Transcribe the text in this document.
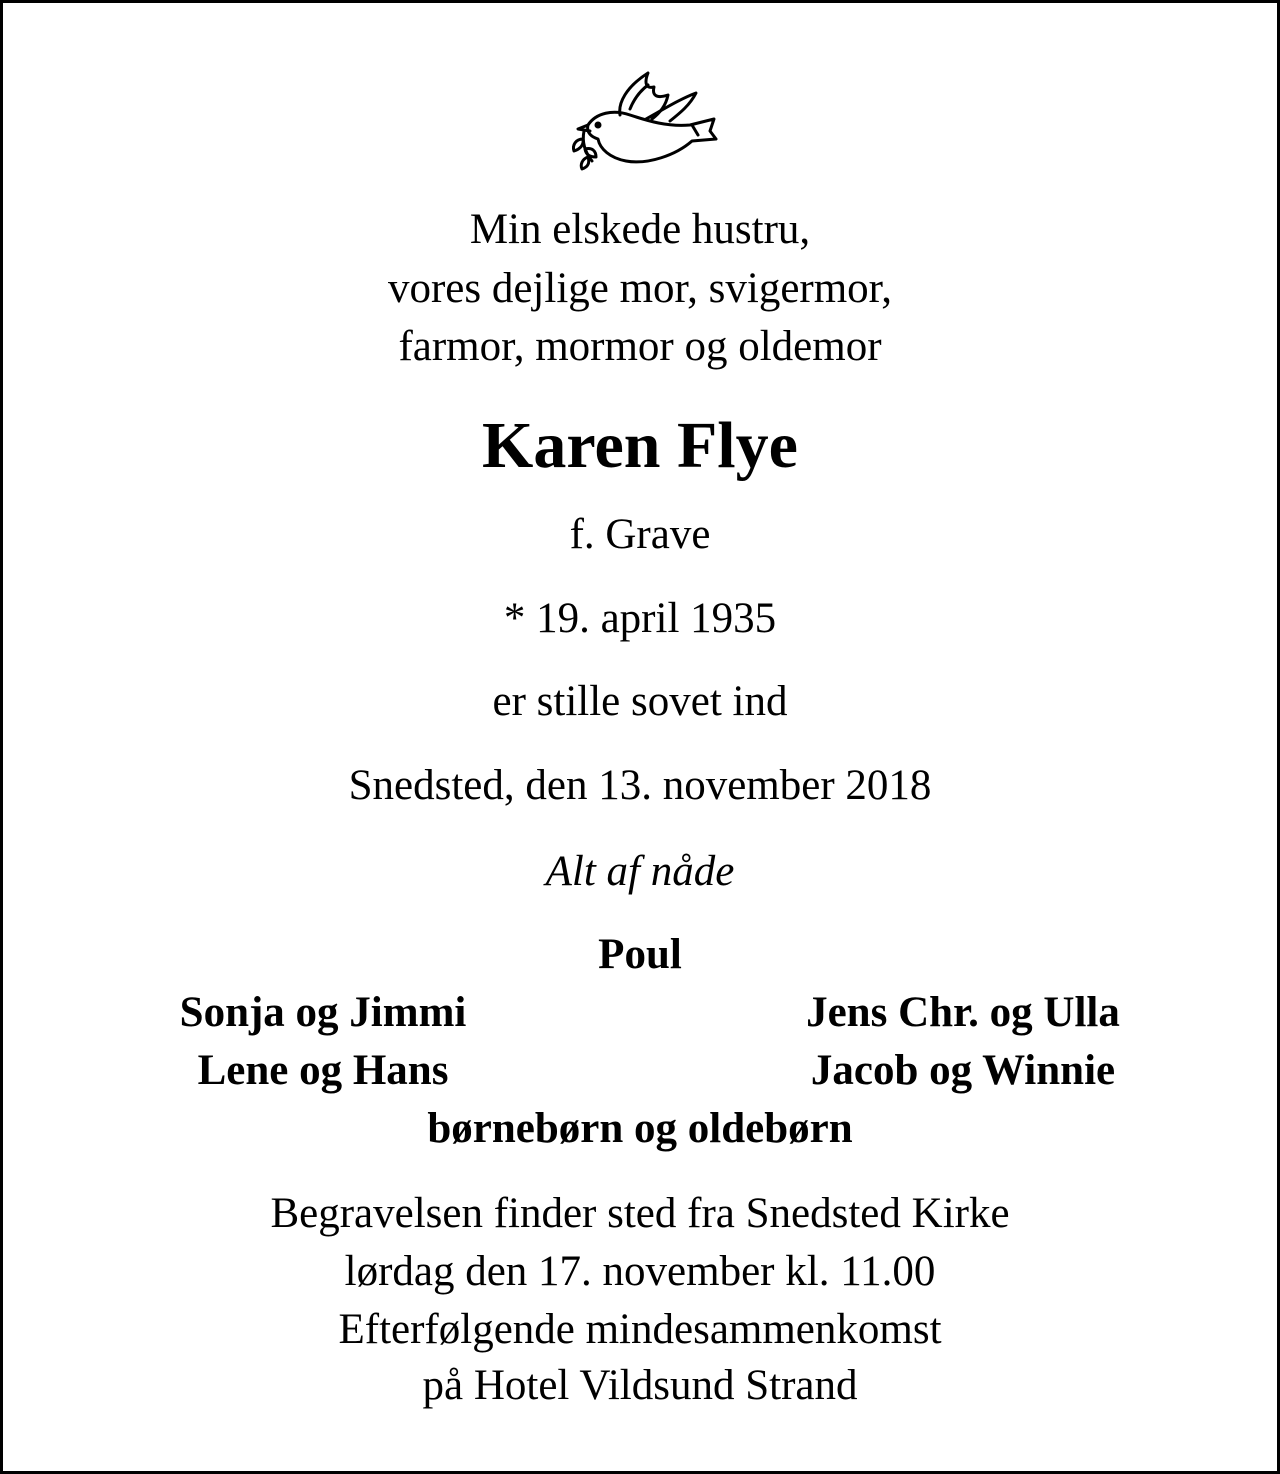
Min elskede hustru,
vores dejlige mor, svigermor,
farmor, mormor og oldemor
Karen Flye
f. Grave
* 19. april 1935
er stille sovet ind
Snedsted, den 13. november 2018
Alt af nåde
Poul
Sonja og Jimmi	Jens Chr. og Ulla
Lene og Hans	Jacob og Winnie
børnebørn og oldebørn
Begravelsen finder sted fra Snedsted Kirke
lørdag den 17. november kl. 11.00
Efterfølgende mindesammenkomst
på Hotel Vildsund Strand
